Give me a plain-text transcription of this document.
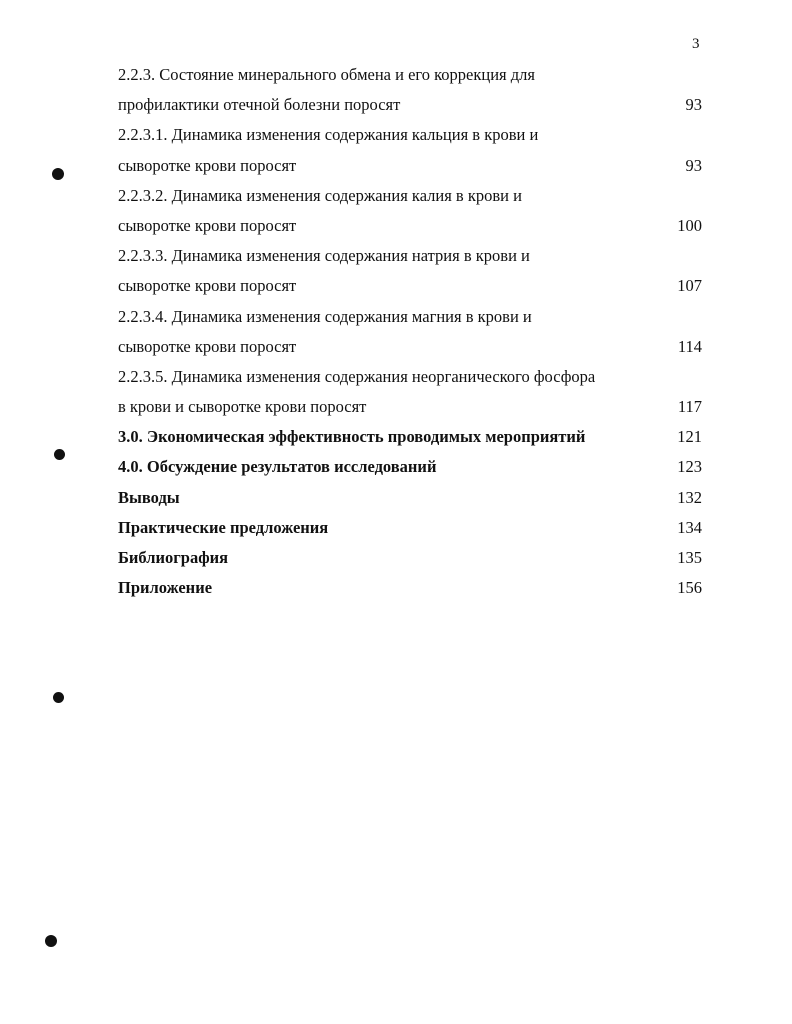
3
2.2.3. Состояние минерального обмена и его коррекция для
профилактики отечной болезни поросят	93
2.2.3.1. Динамика изменения содержания кальция в крови и
сыворотке крови поросят	93
2.2.3.2. Динамика изменения содержания калия в крови и
сыворотке крови поросят	100
2.2.3.3. Динамика изменения содержания натрия в крови и
сыворотке крови поросят	107
2.2.3.4. Динамика изменения содержания магния в крови и
сыворотке крови поросят	114
2.2.3.5. Динамика изменения содержания неорганического фосфора
в крови и сыворотке крови поросят	117
3.0. Экономическая эффективность проводимых мероприятий	121
4.0. Обсуждение результатов исследований	123
Выводы	132
Практические предложения	134
Библиография	135
Приложение	156
